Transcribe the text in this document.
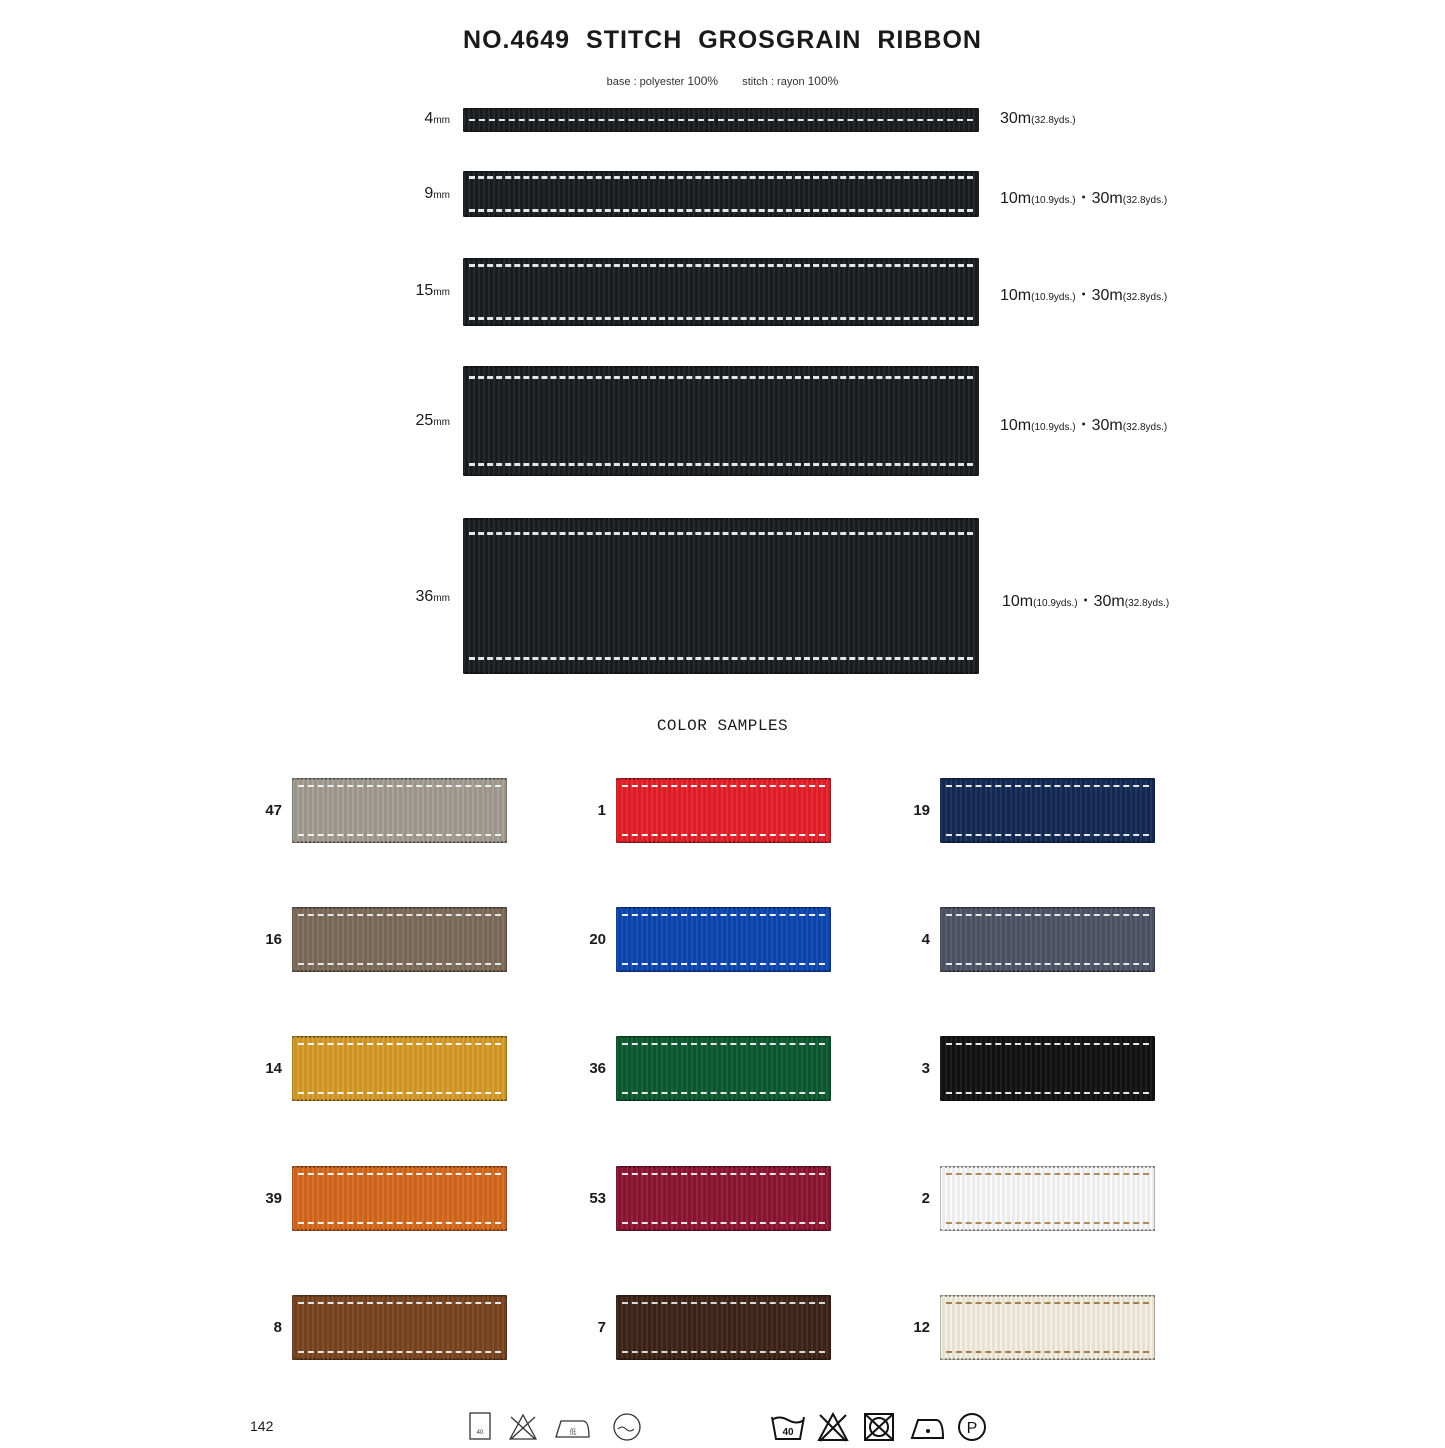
NO.4649 STITCH GROSGRAIN RIBBON
base : polyester 100% stitch : rayon 100%
4mm	30m(32.8yds.)
9mm	10m(10.9yds.)・30m(32.8yds.)
15mm	10m(10.9yds.)・30m(32.8yds.)
25mm	10m(10.9yds.)・30m(32.8yds.)
36mm	10m(10.9yds.)・30m(32.8yds.)
COLOR SAMPLES
47	1	19
16	20	4
14	36	3
39	53	2
8	7	12
142	40	低	40	P
